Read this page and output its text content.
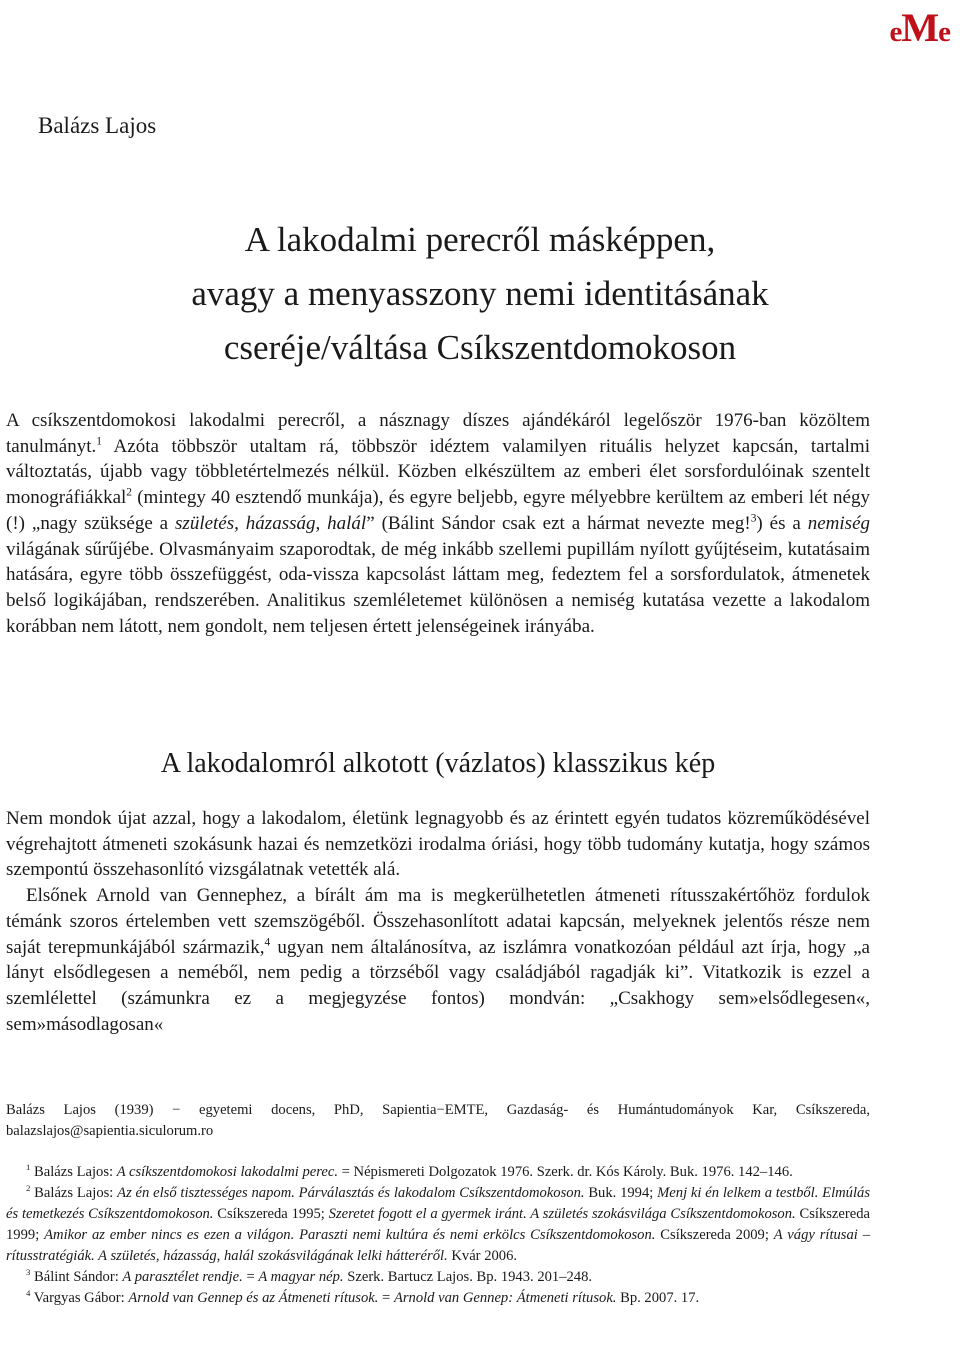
eMe
Balázs Lajos
A lakodalmi perecről másképpen,
avagy a menyasszony nemi identitásának
cseréje/váltása Csíkszentdomokoson

A csíkszentdomokosi lakodalmi perecről, a násznagy díszes ajándékáról legelőször 1976-ban közöltem tanulmányt.$^1$ Azóta többször utaltam rá, többször idéztem valamilyen rituális helyzet kapcsán, tartalmi változtatás, újabb vagy többletértelmezés nélkül. Közben elkészültem az emberi élet sorsfordulóinak szentelt monográfiákkal$^2$ (mintegy 40 esztendő munkája), és egyre beljebb, egyre mélyebbre kerültem az emberi lét négy (!) „nagy szüksége a születés, házasság, halál” (Bálint Sándor csak ezt a hármat nevezte meg!$^3$) és a nemiség világának sűrűjébe. Olvasmányaim szaporodtak, de még inkább szellemi pupillám nyílott gyűjtéseim, kutatásaim hatására, egyre több összefüggést, oda-vissza kapcsolást láttam meg, fedeztem fel a sorsfordulatok, átmenetek belső logikájában, rendszerében. Analitikus szemléletemet különösen a nemiség kutatása vezette a lakodalom korábban nem látott, nem gondolt, nem teljesen értett jelenségeinek irányába.

A lakodalomról alkotott (vázlatos) klasszikus kép

Nem mondok újat azzal, hogy a lakodalom, életünk legnagyobb és az érintett egyén tudatos közreműködésével végrehajtott átmeneti szokásunk hazai és nemzetközi irodalma óriási, hogy több tudomány kutatja, hogy számos szempontú összehasonlító vizsgálatnak vetették alá.

Elsőnek Arnold van Gennephez, a bírált ám ma is megkerülhetetlen átmeneti rítusszakértőhöz fordulok témánk szoros értelemben vett szemszögéből. Összehasonlított adatai kapcsán, melyeknek jelentős része nem saját terepmunkájából származik,$^4$ ugyan nem általánosítva, az iszlámra vonatkozóan például azt írja, hogy „a lányt elsődlegesen a neméből, nem pedig a törzséből vagy családjából ragadják ki”. Vitatkozik is ezzel a szemlélettel (számunkra ez a megjegyzése fontos) mondván: „Csakhogy sem»elsődlegesen«, sem»másodlagosan«

Balázs Lajos (1939) − egyetemi docens, PhD, Sapientia−EMTE, Gazdaság- és Humántudományok Kar, Csíkszereda, balazslajos@sapientia.siculorum.ro

$^1$ Balázs Lajos: A csíkszentdomokosi lakodalmi perec. = Népismereti Dolgozatok 1976. Szerk. dr. Kós Károly. Buk. 1976. 142–146.

$^2$ Balázs Lajos: Az én első tisztességes napom. Párválasztás és lakodalom Csíkszentdomokoson. Buk. 1994; Menj ki én lelkem a testből. Elmúlás és temetkezés Csíkszentdomokoson. Csíkszereda 1995; Szeretet fogott el a gyermek iránt. A születés szokásvilága Csíkszentdomokoson. Csíkszereda 1999; Amikor az ember nincs es ezen a világon. Paraszti nemi kultúra és nemi erkölcs Csíkszentdomokoson. Csíkszereda 2009; A vágy rítusai –rítusstratégiák. A születés, házasság, halál szokásvilágának lelki hátteréről. Kvár 2006.

$^3$ Bálint Sándor: A parasztélet rendje. = A magyar nép. Szerk. Bartucz Lajos. Bp. 1943. 201–248.

$^4$ Vargyas Gábor: Arnold van Gennep és az Átmeneti rítusok. = Arnold van Gennep: Átmeneti rítusok. Bp. 2007. 17.
